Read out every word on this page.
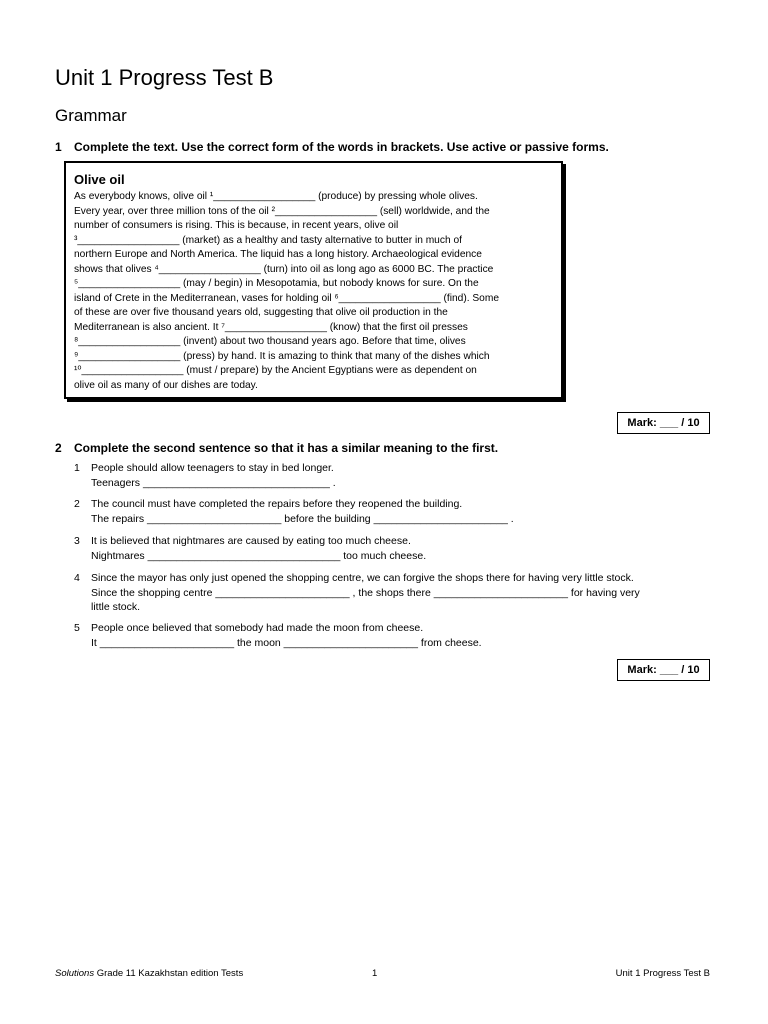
Unit 1 Progress Test B
Grammar
1 Complete the text. Use the correct form of the words in brackets. Use active or passive forms.
Olive oil
As everybody knows, olive oil ¹__________________ (produce) by pressing whole olives.
Every year, over three million tons of the oil ²__________________ (sell) worldwide, and the
number of consumers is rising. This is because, in recent years, olive oil
³__________________ (market) as a healthy and tasty alternative to butter in much of
northern Europe and North America. The liquid has a long history. Archaeological evidence
shows that olives ⁴__________________ (turn) into oil as long ago as 6000 BC. The practice
⁵__________________ (may / begin) in Mesopotamia, but nobody knows for sure. On the
island of Crete in the Mediterranean, vases for holding oil ⁶__________________ (find). Some
of these are over five thousand years old, suggesting that olive oil production in the
Mediterranean is also ancient. It ⁷__________________ (know) that the first oil presses
⁸__________________ (invent) about two thousand years ago. Before that time, olives
⁹__________________ (press) by hand. It is amazing to think that many of the dishes which
¹⁰__________________ (must / prepare) by the Ancient Egyptians were as dependent on
olive oil as many of our dishes are today.
Mark: ___ / 10
2 Complete the second sentence so that it has a similar meaning to the first.
1 People should allow teenagers to stay in bed longer.
Teenagers ________________________________ .
2 The council must have completed the repairs before they reopened the building.
The repairs _______________________ before the building _______________________ .
3 It is believed that nightmares are caused by eating too much cheese.
Nightmares _________________________________ too much cheese.
4 Since the mayor has only just opened the shopping centre, we can forgive the shops there for having very little stock.
Since the shopping centre _______________________ , the shops there _______________________ for having very
little stock.
5 People once believed that somebody had made the moon from cheese.
It _______________________ the moon _______________________ from cheese.
Mark: ___ / 10
Solutions Grade 11 Kazakhstan edition Tests	1	Unit 1 Progress Test B
